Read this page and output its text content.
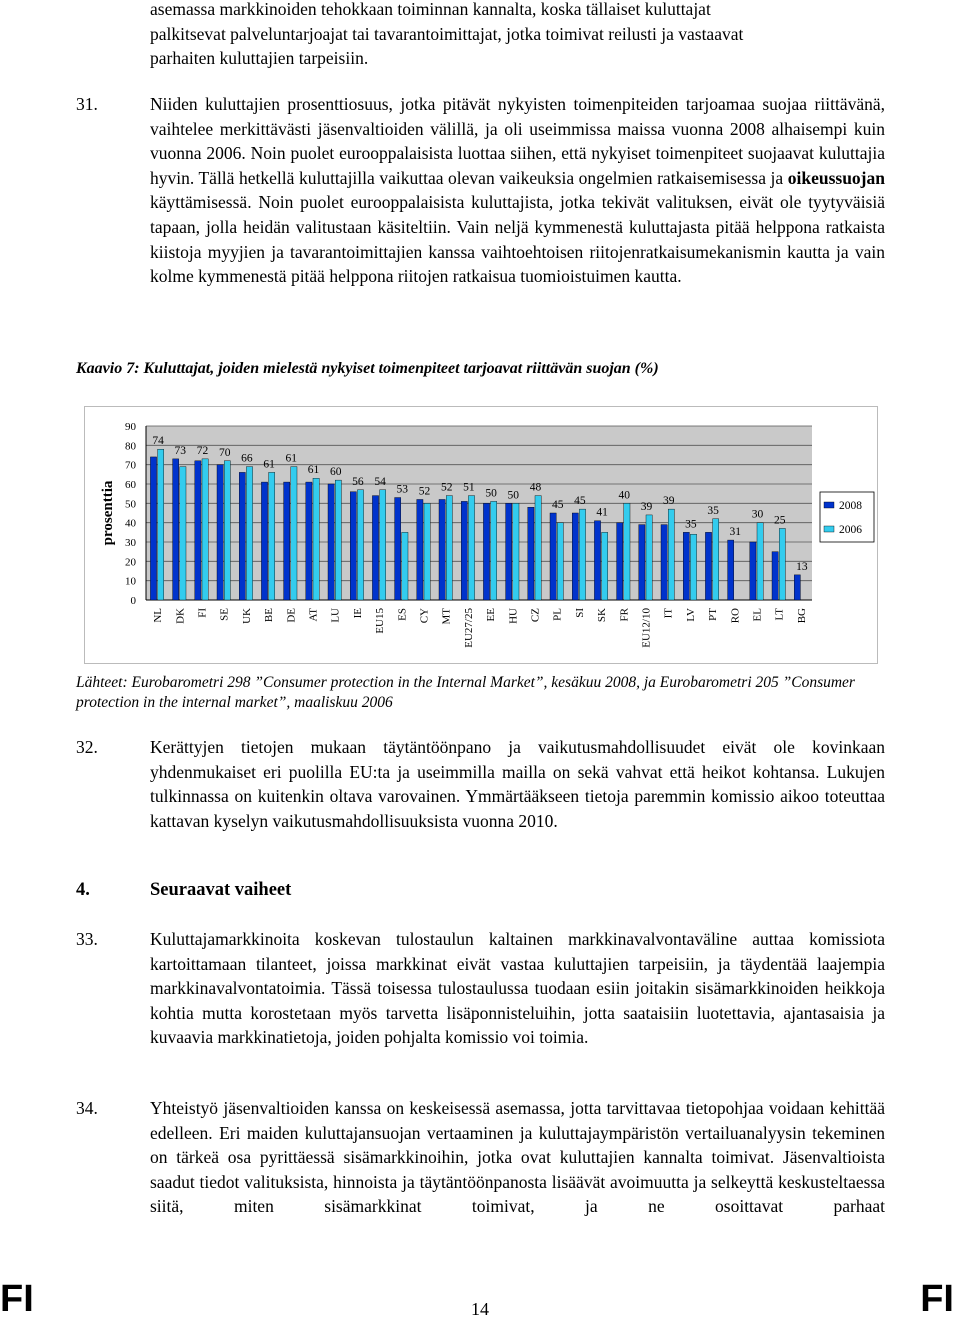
asemassa markkinoiden tehokkaan toiminnan kannalta, koska tällaiset kuluttajat
palkitsevat palveluntarjoajat tai tavarantoimittajat, jotka toimivat reilusti ja vastaavat
parhaiten kuluttajien tarpeisiin.
31.	Niiden kuluttajien prosenttiosuus, jotka pitävät nykyisten toimenpiteiden tarjoamaa suojaa riittävänä, vaihtelee merkittävästi jäsenvaltioiden välillä, ja oli useimmissa maissa vuonna 2008 alhaisempi kuin vuonna 2006. Noin puolet eurooppalaisista luottaa siihen, että nykyiset toimenpiteet suojaavat kuluttajia hyvin. Tällä hetkellä kuluttajilla vaikuttaa olevan vaikeuksia ongelmien ratkaisemisessa ja oikeussuojan käyttämisessä. Noin puolet eurooppalaisista kuluttajista, jotka tekivät valituksen, eivät ole tyytyväisiä tapaan, jolla heidän valitustaan käsiteltiin. Vain neljä kymmenestä kuluttajasta pitää helppona ratkaista kiistoja myyjien ja tavarantoimittajien kanssa vaihtoehtoisen riitojenratkaisumekanismin kautta ja vain kolme kymmenestä pitää helppona riitojen ratkaisua tuomioistuimen kautta.
Kaavio 7: Kuluttajat, joiden mielestä nykyiset toimenpiteet tarjoavat riittävän suojan (%)
0
10
20
30
40
50
60
70
80
90
prosenttia
74
NL
73
DK
72
FI
70
SE
66
UK
61
BE
61
DE
61
AT
60
LU
56
IE
54
EU15
53
ES
52
CY
52
MT
51
EU27/25
50
EE
50
HU
48
CZ
45
PL
45
SI
41
SK
40
FR
39
EU12/10
39
IT
35
LV
35
PT
31
RO
30
EL
25
LT
13
BG
2008
2006
Lähteet: Eurobarometri 298 ”Consumer protection in the Internal Market”, kesäkuu 2008, ja Eurobarometri 205 ”Consumer protection in the internal market”, maaliskuu 2006
32.	Kerättyjen tietojen mukaan täytäntöönpano ja vaikutusmahdollisuudet eivät ole kovinkaan yhdenmukaiset eri puolilla EU:ta ja useimmilla mailla on sekä vahvat että heikot kohtansa. Lukujen tulkinnassa on kuitenkin oltava varovainen. Ymmärtääkseen tietoja paremmin komissio aikoo toteuttaa kattavan kyselyn vaikutusmahdollisuuksista vuonna 2010.
4.	Seuraavat vaiheet
33.	Kuluttajamarkkinoita koskevan tulostaulun kaltainen markkinavalvontaväline auttaa komissiota kartoittamaan tilanteet, joissa markkinat eivät vastaa kuluttajien tarpeisiin, ja täydentää laajempia markkinavalvontatoimia. Tässä toisessa tulostaulussa tuodaan esiin joitakin sisämarkkinoiden heikkoja kohtia mutta korostetaan myös tarvetta lisäponnisteluihin, jotta saataisiin luotettavia, ajantasaisia ja kuvaavia markkinatietoja, joiden pohjalta komissio voi toimia.
34.	Yhteistyö jäsenvaltioiden kanssa on keskeisessä asemassa, jotta tarvittavaa tietopohjaa voidaan kehittää edelleen. Eri maiden kuluttajansuojan vertaaminen ja kuluttajaympäristön vertailuanalyysin tekeminen on tärkeä osa pyrittäessä sisämarkkinoihin, jotka ovat kuluttajien kannalta toimivat. Jäsenvaltioista saadut tiedot valituksista, hinnoista ja täytäntöönpanosta lisäävät avoimuutta ja selkeyttä keskusteltaessa siitä, miten sisämarkkinat toimivat, ja ne osoittavat parhaat
FI	FI
14
